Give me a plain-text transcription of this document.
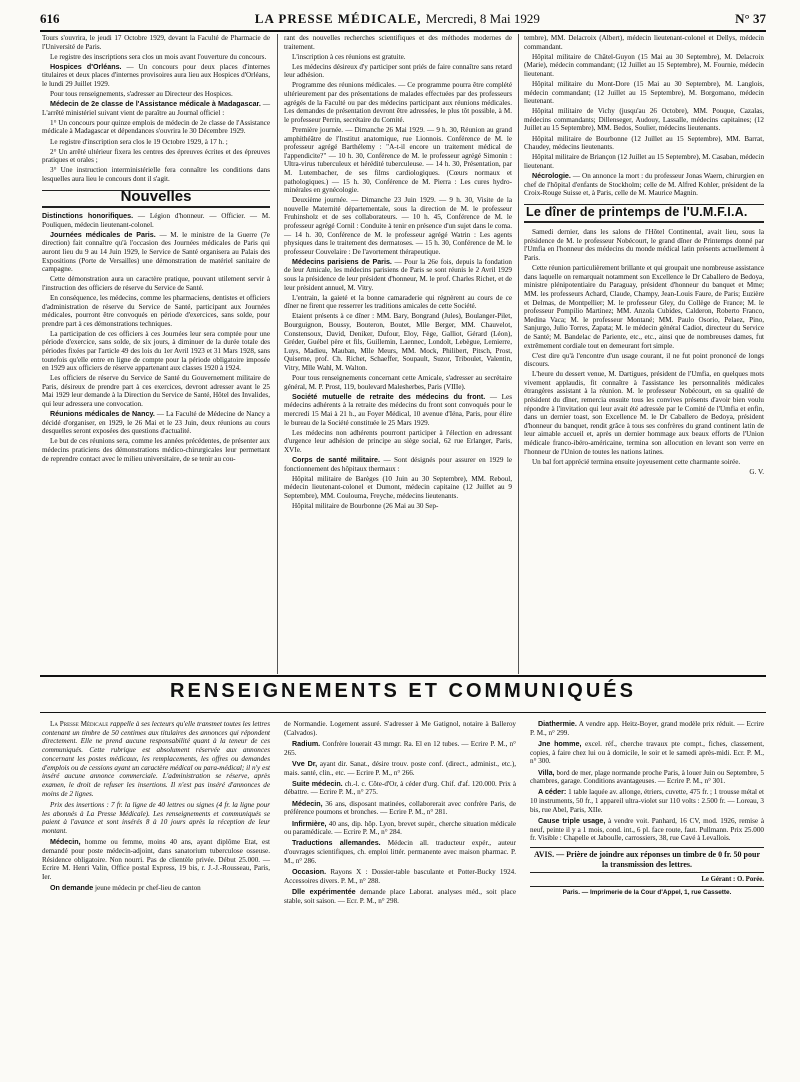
616	LA PRESSE MÉDICALE, Mercredi, 8 Mai 1929	N° 37

Tours s'ouvrira, le jeudi 17 Octobre 1929, devant la Faculté de Pharmacie de l'Université de Paris.

Le registre des inscriptions sera clos un mois avant l'ouverture du concours.

Hospices d'Orléans. — Un concours pour deux places d'internes titulaires et deux places d'internes provisoires aura lieu aux Hospices d'Orléans, le lundi 29 Juillet 1929.

Pour tous renseignements, s'adresser au Directeur des Hospices.

Médecin de 2e classe de l'Assistance médicale à Madagascar. — L'arrêté ministériel suivant vient de paraître au Journal officiel :

1° Un concours pour quinze emplois de médecin de 2e classe de l'Assistance médicale à Madagascar et dépendances s'ouvrira le 30 Décembre 1929.

Le registre d'inscription sera clos le 19 Octobre 1929, à 17 h. ;

2° Un arrêté ultérieur fixera les centres des épreuves écrites et des épreuves pratiques et orales ;

3° Une instruction interministérielle fera connaître les conditions dans lesquelles aura lieu le concours dont il s'agit.

Nouvelles

Distinctions honorifiques. — Légion d'honneur. — Officier. — M. Pouliquen, médecin lieutenant-colonel.

Journées médicales de Paris. — M. le ministre de la Guerre (7e direction) fait connaître qu'à l'occasion des Journées médicales de Paris qui auront lieu du 9 au 14 Juin 1929, le Service de Santé organisera au Palais des Expositions (Porte de Versailles) une démonstration de matériel sanitaire de campagne.

Cette démonstration aura un caractère pratique, pouvant utilement servir à l'instruction des officiers de réserve du Service de Santé.

En conséquence, les médecins, comme les pharmaciens, dentistes et officiers d'administration de réserve du Service de Santé, participant aux Journées médicales, pourront être convoqués en période d'exercices, sans solde, pour prendre part à ces démonstrations techniques.

La participation de ces officiers à ces Journées leur sera comptée pour une période d'exercice, sans solde, de six jours, à diminuer de la durée totale des périodes fixées par l'article 49 des lois du 1er Avril 1923 et 31 Mars 1928, sans toutefois qu'elle entre en ligne de compte pour la période obligatoire imposée en 1929 aux officiers de réserve appartenant aux classes 1920 à 1924.

Les officiers de réserve du Service de Santé du Gouvernement militaire de Paris, désireux de prendre part à ces exercices, devront adresser avant le 25 Mai 1929 leur demande à la Direction du Service de Santé, Hôtel des Invalides, qui leur adressera une convocation.

Réunions médicales de Nancy. — La Faculté de Médecine de Nancy a décidé d'organiser, en 1929, le 26 Mai et le 23 Juin, deux réunions au cours desquelles seront exposées des questions d'actualité.

Le but de ces réunions sera, comme les années précédentes, de présenter aux médecins praticiens des démonstrations médico-chirurgicales leur permettant de reprendre contact avec le milieu universitaire, de se tenir au cou-

rant des nouvelles recherches scientifiques et des méthodes modernes de traitement.

L'inscription à ces réunions est gratuite.

Les médecins désireux d'y participer sont priés de faire connaître sans retard leur adhésion.

Programme des réunions médicales. — Ce programme pourra être complété ultérieurement par des présentations de malades effectuées par des professeurs agrégés de la Faculté ou par des médecins participant aux réunions médicales. Les demandes de présentation devront être adressées, le plus tôt possible, à M. le professeur Perrin, secrétaire du Comité.

Première journée. — Dimanche 26 Mai 1929. — 9 h. 30, Réunion au grand amphithéâtre de l'Institut anatomique, rue Lionnois. Conférence de M. le professeur agrégé Barthélemy : "A-t-il encore un traitement médical de l'appendicite?" — 10 h. 30, Conférence de M. le professeur agrégé Simonin : Ultra-virus tuberculeux et hérédité tuberculeuse. — 14 h. 30, Présentation, par M. Lutembacher, de ses films cardiologiques. (Cœurs normaux et pathologiques.) — 15 h. 30, Conférence de M. Pierra : Les cures hydro-minérales en gynécologie.

Deuxième journée. — Dimanche 23 Juin 1929. — 9 h. 30, Visite de la nouvelle Maternité départementale, sous la direction de M. le professeur Fruhinsholz et de ses collaborateurs. — 10 h. 45, Conférence de M. le professeur agrégé Cornil : Conduite à tenir en présence d'un sujet dans le coma. — 14 h. 30, Conférence de M. le professeur agrégé Watrin : Les agents physiques dans le traitement des dermatoses. — 15 h. 30, Conférence de M. le professeur Couvelaire : De l'avortement thérapeutique.

Médecins parisiens de Paris. — Pour la 26e fois, depuis la fondation de leur Amicale, les médecins parisiens de Paris se sont réunis le 2 Avril 1929 sous la présidence de leur président d'honneur, M. le prof. Charles Richet, et de leur président annuel, M. Vitry.

L'entrain, la gaieté et la bonne camaraderie qui régnèrent au cours de ce dîner ne firent que resserrer les traditions amicales de cette Société.

Etaient présents à ce dîner : MM. Bary, Bongrand (Jules), Boulanger-Pilet, Bourguignon, Boussy, Bouteron, Boutet, Mlle Berger, MM. Chauvelot, Constensoux, David, Deniker, Dufour, Eloy, Fège, Galliot, Gérard (Léon), Gréder, Guébel père et fils, Guillemin, Laennec, Londolt, Lebègue, Lemierre, Luys, Madieu, Mauban, Mlle Meurs, MM. Mock, Philibert, Pitsch, Prost, Quiserne, prof. Ch. Richet, Schaeffer, Soupault, Suzor, Triboulet, Valentin, Vitry, Mlle Wahl, M. Walton.

Pour tous renseignements concernant cette Amicale, s'adresser au secrétaire général, M. P. Prost, 119, boulevard Malesherbes, Paris (VIIIe).

Société mutuelle de retraite des médecins du front. — Les médecins adhérents à la retraite des médecins du front sont convoqués pour le mercredi 15 Mai à 21 h., au Foyer Médical, 10 avenue d'Iéna, Paris, pour élire le bureau de la Société constituée le 25 Mars 1929.

Les médecins non adhérents pourront participer à l'élection en adressant d'urgence leur adhésion de principe au siège social, 62 rue Erlanger, Paris, XVIe.

Corps de santé militaire. — Sont désignés pour assurer en 1929 le fonctionnement des hôpitaux thermaux :

Hôpital militaire de Barèges (10 Juin au 30 Septembre), MM. Reboul, médecin lieutenant-colonel et Dumont, médecin capitaine (12 Juillet au 9 Septembre), MM. Coulouma, Freyche, médecins lieutenants.

Hôpital militaire de Bourbonne (26 Mai au 30 Sep-

tembre), MM. Delacroix (Albert), médecin lieutenant-colonel et Dellys, médecin commandant.

Hôpital militaire de Châtel-Guyon (15 Mai au 30 Septembre), M. Delacroix (Marie), médecin commandant; (12 Juillet au 15 Septembre), M. Fournie, médecin lieutenant.

Hôpital militaire du Mont-Dore (15 Mai au 30 Septembre), M. Langlois, médecin commandant; (12 Juillet au 15 Septembre), M. Borgomano, médecin lieutenant.

Hôpital militaire de Vichy (jusqu'au 26 Octobre), MM. Pouque, Cazalas, médecins commandants; Dillenseger, Audouy, Lassalle, médecins capitaines; (12 Juillet au 15 Septembre), MM. Bedos, Soulier, médecins lieutenants.

Hôpital militaire de Bourbonne (12 Juillet au 15 Septembre), MM. Barrat, Chaudey, médecins lieutenants.

Hôpital militaire de Briançon (12 Juillet au 15 Septembre), M. Casaban, médecin lieutenant.

Nécrologie. — On annonce la mort : du professeur Jonas Waern, chirurgien en chef de l'hôpital d'enfants de Stockholm; celle de M. Alfred Kohler, président de la Croix-Rouge Suisse et, à Paris, celle de M. Maurice Magnin.

Le dîner de printemps de l'U.M.F.I.A.

Samedi dernier, dans les salons de l'Hôtel Continental, avait lieu, sous la présidence de M. le professeur Nobécourt, le grand dîner de Printemps donné par l'Umfia en l'honneur des médecins du monde médical latin présents actuellement à Paris.

Cette réunion particulièrement brillante et qui groupait une nombreuse assistance dans laquelle on remarquait notamment son Excellence le Dr Caballero de Bedoya, ministre plénipotentiaire du Paraguay, président d'honneur du banquet et Mme; MM. les professeurs Achard, Claude, Champy, Jean-Louis Faure, de Paris; Euzière et Delmas, de Montpellier; M. le professeur Gley, du Collège de France; M. le professeur Pompilio Martinez; MM. Anzola Cubides, Calderon, Roberto Franco, Medina Vaca; M. le professeur Montané; MM. Paulo Osorio, Pelaez, Pino, Sanjurgo, Julio Torres, Zapata; M. le médecin général Cadiot, directeur du Service de Santé; M. Bandelac de Pariente, etc., etc., ainsi que de nombreuses dames, fut extrêmement cordiale tout en demeurant fort simple.

C'est dire qu'à l'encontre d'un usage courant, il ne fut point prononcé de longs discours.

L'heure du dessert venue, M. Dartigues, président de l'Umfia, en quelques mots vivement applaudis, fit connaître à l'assistance les personnalités médicales étrangères assistant à la réunion. M. le professeur Nobécourt, en sa qualité de président du dîner, remercia ensuite tous les convives présents d'avoir bien voulu répondre à l'invitation qui leur avait été adressée par le Comité de l'Umfia et enfin, dans un dernier toast, son Excellence M. le Dr Caballero de Bedoya, président d'honneur du banquet, rendit grâce à tous ses confrères du grand continent latin de leur aimable accueil et, après un dernier hommage aux beaux efforts de l'Union médicale franco-ibéro-américaine, termina son allocution en levant son verre en l'honneur de l'Union de toutes les nations latines.

Un bal fort apprécié termina ensuite joyeusement cette charmante soirée.

G. V.
RENSEIGNEMENTS ET COMMUNIQUÉS

La Presse Médicale rappelle à ses lecteurs qu'elle transmet toutes les lettres contenant un timbre de 50 centimes aux titulaires des annonces qui répondent directement. Elle ne prend aucune responsabilité quant à la teneur de ces communiqués. Cette rubrique est absolument réservée aux annonces concernant les postes médicaux, les remplacements, les offres ou demandes d'emplois ou de cessions ayant un caractère médical ou para-médical; il n'y est inséré aucune annonce commerciale. L'administration se réserve, après examen, le droit de refuser les insertions. Il n'est pas inséré d'annonces de moins de 2 lignes.

Prix des insertions : 7 fr. la ligne de 40 lettres ou signes (4 fr. la ligne pour les abonnés à La Presse Médicale). Les renseignements et communiqués se paient à l'avance et sont insérés 8 à 10 jours après la réception de leur montant.

Médecin, homme ou femme, moins 40 ans, ayant diplôme Etat, est demandé pour poste médecin-adjoint, dans sanatorium tuberculose osseuse. Résidence obligatoire. Non nourri. Pas de clientèle privée. Début 25.000. — Ecrire M. Henri Valin, Office postal Express, 19 bis, r. J.-J.-Rousseau, Paris, Ier.

On demande jeune médecin pr chef-lieu de canton

de Normandie. Logement assuré. S'adresser à Me Gatignol, notaire à Balleroy (Calvados).

Radium. Confrère louerait 43 mmgr. Ra. El en 12 tubes. — Ecrire P. M., n° 265.

Vve Dr, ayant dir. Sanat., désire trouv. poste conf. (direct., administ., etc.), mais. santé, clin., etc. — Ecrire P. M., n° 266.

Suite médecin. ch.-l. c. Côte-d'Or, à céder d'urg. Chif. d'af. 120.000. Prix à débattre. — Ecrire P. M., n° 275.

Médecin, 36 ans, disposant matinées, collaborerait avec confrère Paris, de préférence poumons et bronches. — Ecrire P. M., n° 281.

Infirmière, 40 ans, dip. hôp. Lyon, brevet supér., cherche situation médicale ou paramédicale. — Ecrire P. M., n° 284.

Traductions allemandes. Médecin all. traducteur expér., auteur d'ouvrages scientifiques, ch. emploi littér. permanente avec maison pharmac. P. M., n° 286.

Occasion. Rayons X : Dossier-table basculante et Potter-Bucky 1924. Accessoires divers. P. M., n° 288.

Dlle expérimentée demande place Laborat. analyses méd., soit place stable, soit saison. — Ecr. P. M., n° 298.

Diathermie. A vendre app. Heitz-Boyer, grand modèle prix réduit. — Ecrire P. M., n° 299.

Jne homme, excel. réf., cherche travaux pte compt., fiches, classement, copies, à faire chez lui ou à domicile, le soir et le samedi après-midi. Ecr. P. M., n° 300.

Villa, bord de mer, plage normande proche Paris, à louer Juin ou Septembre, 5 chambres, garage. Conditions avantageuses. — Ecrire P. M., n° 301.

A céder: 1 table laquée av. allonge, étriers, cuvette, 475 fr. ; 1 trousse métal et 10 instruments, 50 fr., 1 appareil ultra-violet sur 110 volts : 2.500 fr. — Loreau, 3 bis, rue Abel, Paris, XIIe.

Cause triple usage, à vendre voit. Panhard, 16 CV, mod. 1926, remise à neuf, peinte il y a 1 mois, cond. int., 6 pl. face route, faut. Pullmann. Prix 25.000 fr. Visible : Chapelle et Jaboulle, carrossiers, 38, rue Cavé à Levallois.

AVIS. — Prière de joindre aux réponses un timbre de 0 fr. 50 pour la transmission des lettres.
Le Gérant : O. Porée.
Paris. — Imprimerie de la Cour d'Appel, 1, rue Cassette.
